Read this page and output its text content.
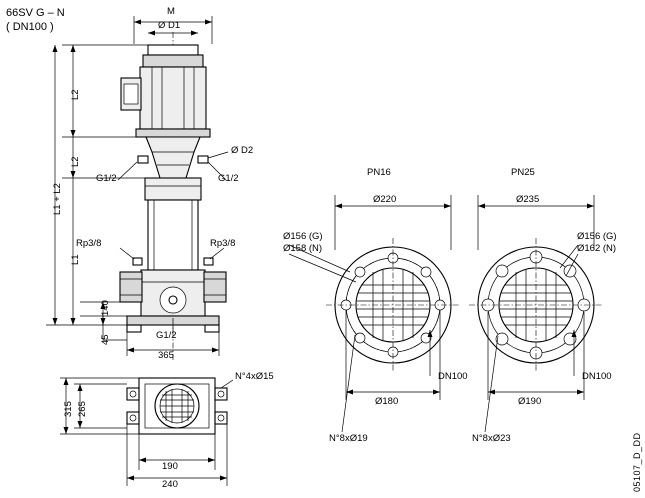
66SV G – N
( DN100 )
M
Ø D1
Ø D2
L2
L2
L1
L1 + L2
140
45
365
G1/2	G1/2
Rp3/8	Rp3/8
G1/2
315 265
190
240
N°4xØ15
PN16
Ø220
Ø156 (G)
Ø158 (N)
Ø180
DN100
N°8xØ19
PN25
Ø235
Ø156 (G)
Ø162 (N)
Ø190
DN100
N°8xØ23	05107_D_DD
